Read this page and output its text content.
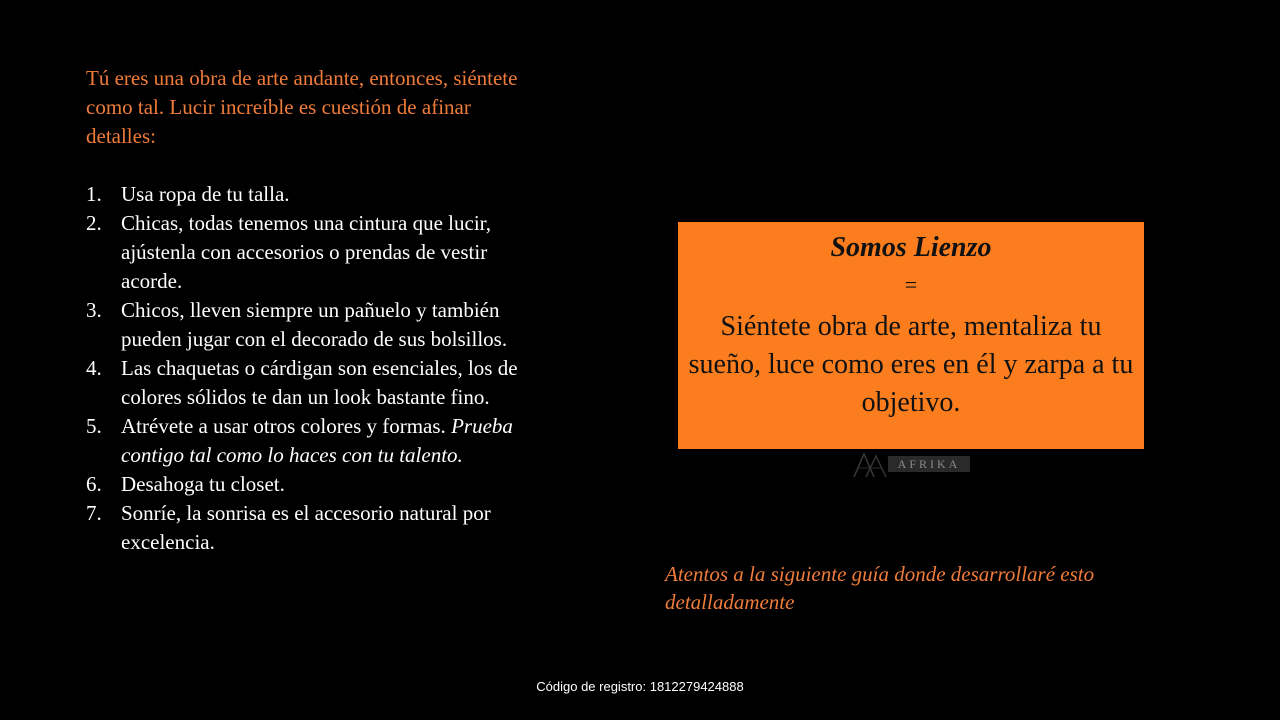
Tú eres una obra de arte andante, entonces, siéntete como tal. Lucir increíble es cuestión de afinar detalles:

1. Usa ropa de tu talla.
2. Chicas, todas tenemos una cintura que lucir, ajústenla con accesorios o prendas de vestir acorde.
3. Chicos, lleven siempre un pañuelo y también pueden jugar con el decorado de sus bolsillos.
4. Las chaquetas o cárdigan son esenciales, los de colores sólidos te dan un look bastante fino.
5. Atrévete a usar otros colores y formas. Prueba contigo tal como lo haces con tu talento.
6. Desahoga tu closet.
7. Sonríe, la sonrisa es el accesorio natural por excelencia.
Somos Lienzo
=
Siéntete obra de arte, mentaliza tu sueño, luce como eres en él y zarpa a tu objetivo.
AFRIKA

Atentos a la siguiente guía donde desarrollaré esto detalladamente

Código de registro: 1812279424888
